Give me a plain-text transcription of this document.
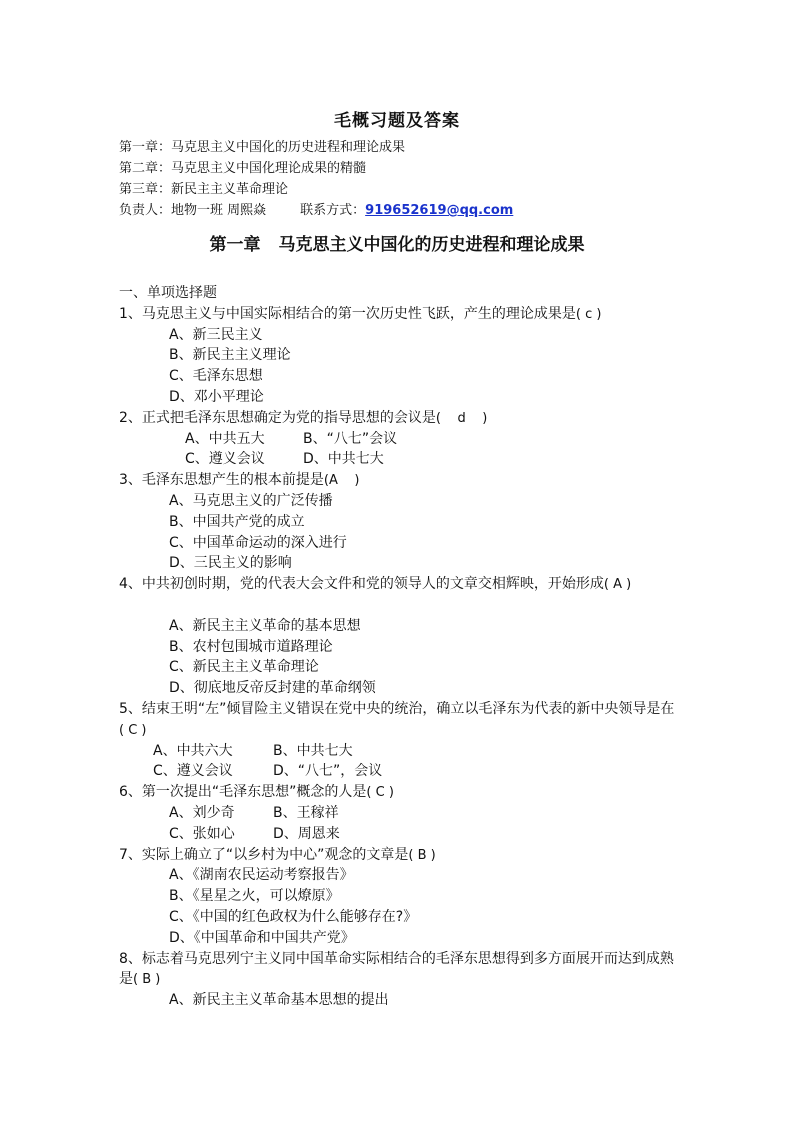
毛概习题及答案
第一章：马克思主义中国化的历史进程和理论成果
第二章：马克思主义中国化理论成果的精髓
第三章：新民主主义革命理论
负责人：地物一班 周熙焱	联系方式：919652619@qq.com
第一章 马克思主义中国化的历史进程和理论成果
一、单项选择题
1、马克思主义与中国实际相结合的第一次历史性飞跃，产生的理论成果是( c )
A、新三民主义
B、新民主主义理论
C、毛泽东思想
D、邓小平理论
2、正式把毛泽东思想确定为党的指导思想的会议是(    d    )
A、中共五大	B、“八七”会议
C、遵义会议	D、中共七大
3、毛泽东思想产生的根本前提是(A    )
A、马克思主义的广泛传播
B、中国共产党的成立
C、中国革命运动的深入进行
D、三民主义的影响
4、中共初创时期，党的代表大会文件和党的领导人的文章交相辉映，开始形成( A )
A、新民主主义革命的基本思想
B、农村包围城市道路理论
C、新民主主义革命理论
D、彻底地反帝反封建的革命纲领
5、结束王明“左”倾冒险主义错误在党中央的统治，确立以毛泽东为代表的新中央领导是在( C )
A、中共六大	B、中共七大
C、遵义会议	D、“八七”，会议
6、第一次提出“毛泽东思想”概念的人是( C )
A、刘少奇	B、王稼祥
C、张如心	D、周恩来
7、实际上确立了“以乡村为中心”观念的文章是( B )
A、《湖南农民运动考察报告》
B、《星星之火，可以燎原》
C、《中国的红色政权为什么能够存在?》
D、《中国革命和中国共产党》
8、标志着马克思列宁主义同中国革命实际相结合的毛泽东思想得到多方面展开而达到成熟是( B )
A、新民主主义革命基本思想的提出
